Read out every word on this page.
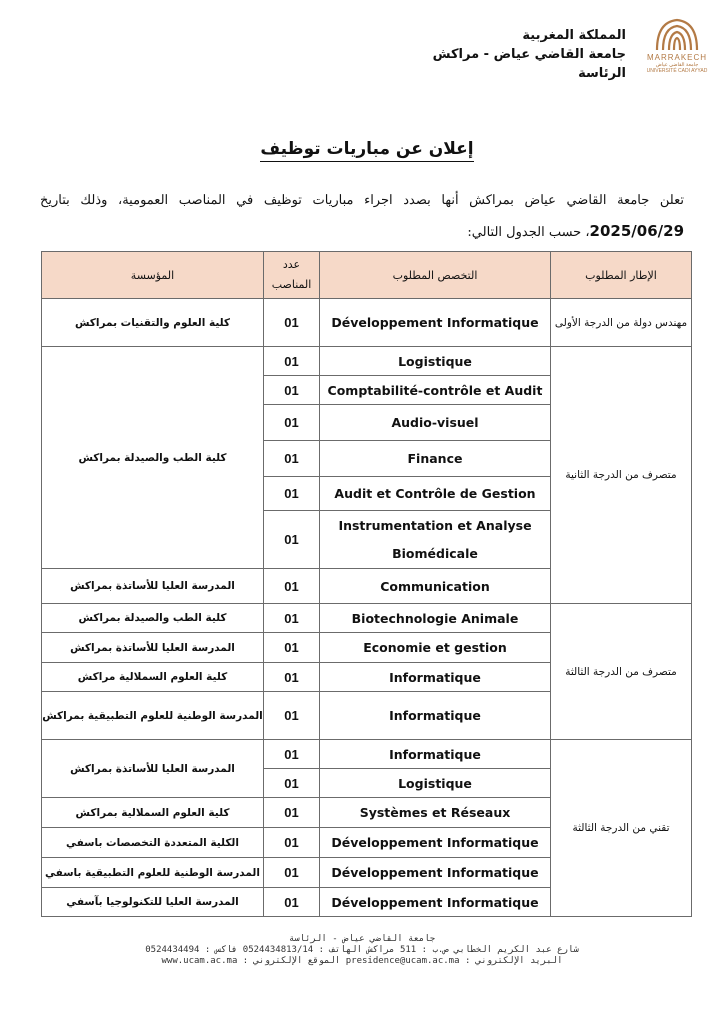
المملكة المغربية
جامعة القاضي عياض - مراكش
الرئاسة
MARRAKECH
جامعة القاضي عياض
UNIVERSITÉ CADI AYYAD
إعلان عن مباريات توظيف
تعلن جامعة القاضي عياض بمراكش أنها بصدد اجراء مباريات توظيف في المناصب العمومية، وذلك بتاريخ 2025/06/29، حسب الجدول التالي:
الإطار المطلوب	التخصص المطلوب	عدد المناصب	المؤسسة
مهندس دولة من الدرجة الأولى	Développement Informatique	01	كلية العلوم والتقنيات بمراكش
متصرف من الدرجة الثانية	Logistique	01	كلية الطب والصيدلة بمراكش
	Comptabilité-contrôle et Audit	01	
	Audio-visuel	01	
	Finance	01	
	Audit et Contrôle de Gestion	01	
	Instrumentation et Analyse Biomédicale	01	
	Communication	01	المدرسة العليا للأساتذة بمراكش
متصرف من الدرجة الثالثة	Biotechnologie Animale	01	كلية الطب والصيدلة بمراكش
	Economie et gestion	01	المدرسة العليا للأساتذة بمراكش
	Informatique	01	كلية العلوم السملالية مراكش
	Informatique	01	المدرسة الوطنية للعلوم التطبيقية بمراكش
تقني من الدرجة الثالثة	Informatique	01	المدرسة العليا للأساتذة بمراكش
	Logistique	01	
	Systèmes et Réseaux	01	كلية العلوم السملالية بمراكش
	Développement Informatique	01	الكلية المتعددة التخصصات باسفي
	Développement Informatique	01	المدرسة الوطنية للعلوم التطبيقية باسفي
	Développement Informatique	01	المدرسة العليا للتكنولوجيا بآسفي
جامعة القاضي عياض - الرئاسة
شارع عبد الكريم الخطابي ص.ب : 511 مراكش الهاتف : 0524434813/14 فاكس : 0524434494
البريد الإلكتروني : presidence@ucam.ac.ma الموقع الإلكتروني : www.ucam.ac.ma
